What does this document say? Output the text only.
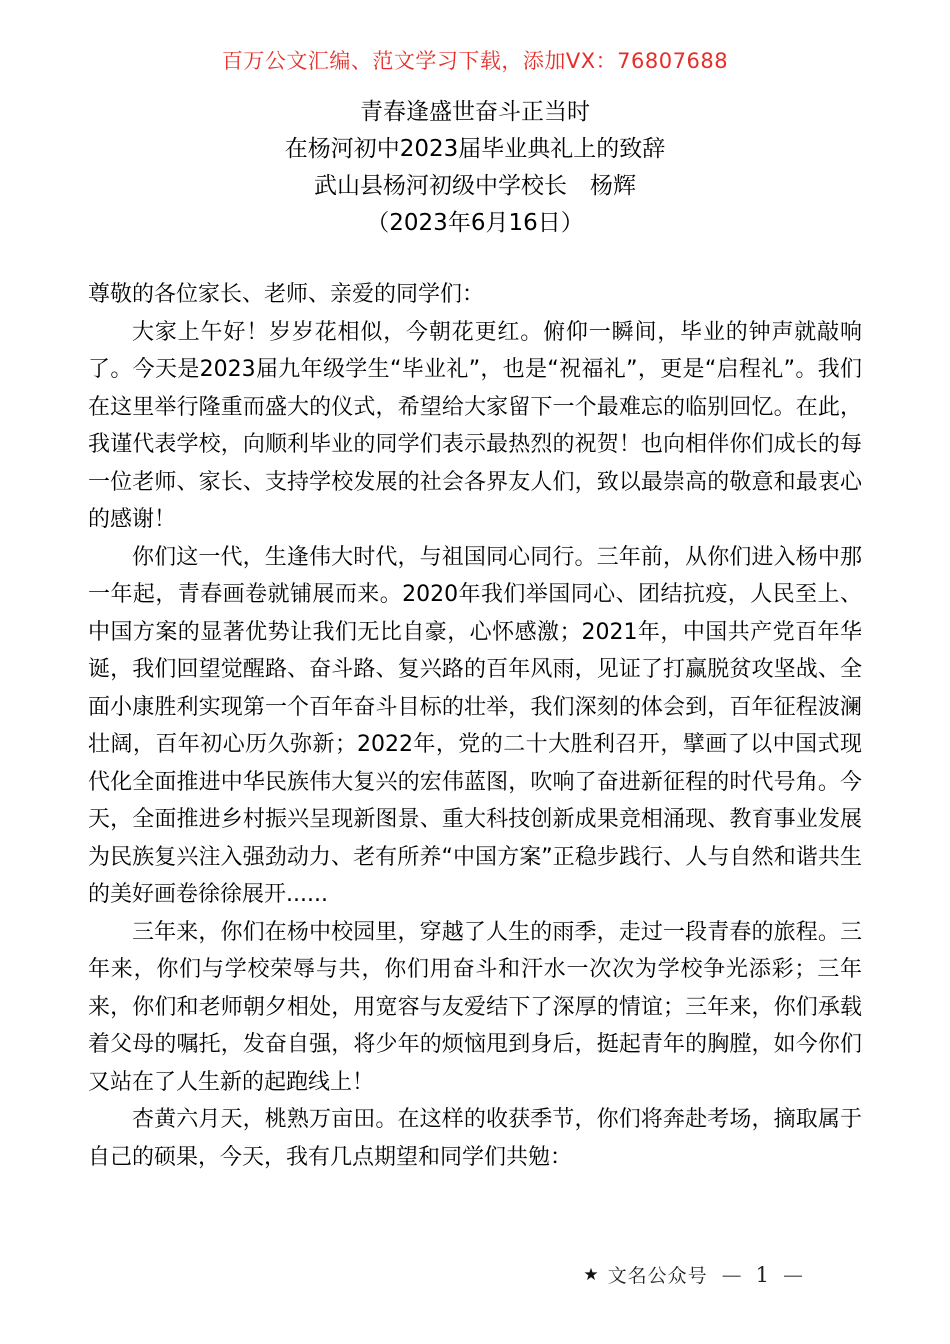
百万公文汇编、范文学习下载，添加VX：76807688
青春逢盛世奋斗正当时
在杨河初中2023届毕业典礼上的致辞
武山县杨河初级中学校长　杨辉
（2023年6月16日）

尊敬的各位家长、老师、亲爱的同学们：

大家上午好！岁岁花相似，今朝花更红。俯仰一瞬间，毕业的钟声就敲响了。今天是2023届九年级学生“毕业礼”，也是“祝福礼”，更是“启程礼”。我们在这里举行隆重而盛大的仪式，希望给大家留下一个最难忘的临别回忆。在此，我谨代表学校，向顺利毕业的同学们表示最热烈的祝贺！也向相伴你们成长的每一位老师、家长、支持学校发展的社会各界友人们，致以最崇高的敬意和最衷心的感谢！

你们这一代，生逢伟大时代，与祖国同心同行。三年前，从你们进入杨中那一年起，青春画卷就铺展而来。2020年我们举国同心、团结抗疫，人民至上、中国方案的显著优势让我们无比自豪，心怀感激；2021年，中国共产党百年华诞，我们回望觉醒路、奋斗路、复兴路的百年风雨，见证了打赢脱贫攻坚战、全面小康胜利实现第一个百年奋斗目标的壮举，我们深刻的体会到，百年征程波澜壮阔，百年初心历久弥新；2022年，党的二十大胜利召开，擘画了以中国式现代化全面推进中华民族伟大复兴的宏伟蓝图，吹响了奋进新征程的时代号角。今天，全面推进乡村振兴呈现新图景、重大科技创新成果竞相涌现、教育事业发展为民族复兴注入强劲动力、老有所养“中国方案”正稳步践行、人与自然和谐共生的美好画卷徐徐展开......

三年来，你们在杨中校园里，穿越了人生的雨季，走过一段青春的旅程。三年来，你们与学校荣辱与共，你们用奋斗和汗水一次次为学校争光添彩；三年来，你们和老师朝夕相处，用宽容与友爱结下了深厚的情谊；三年来，你们承载着父母的嘱托，发奋自强，将少年的烦恼甩到身后，挺起青年的胸膛，如今你们又站在了人生新的起跑线上！

杏黄六月天，桃熟万亩田。在这样的收获季节，你们将奔赴考场，摘取属于自己的硕果，今天，我有几点期望和同学们共勉：

★ 文名公众号 — 1 —
